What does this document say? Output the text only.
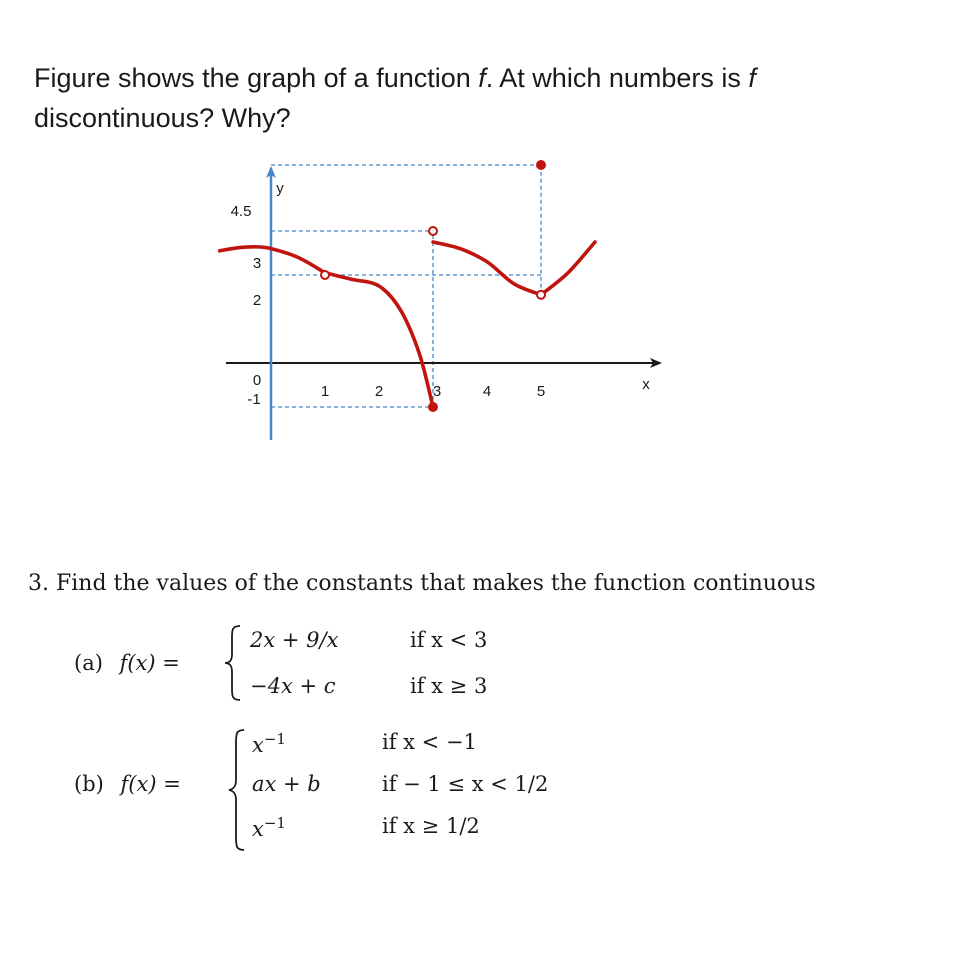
Figure shows the graph of a function f. At which numbers is f discontinuous? Why?
1	2	3	4	5
4.5
3
2
0
-1
x
y
3. Find the values of the constants that makes the function continuous
(a) f(x) =
2x + 9/x	if x < 3
−4x + c	if x ≥ 3
(b) f(x) =
$x^{-1}$	if x < −1
ax + b	if − 1 ≤ x < 1/2
$x^{-1}$	if x ≥ 1/2
